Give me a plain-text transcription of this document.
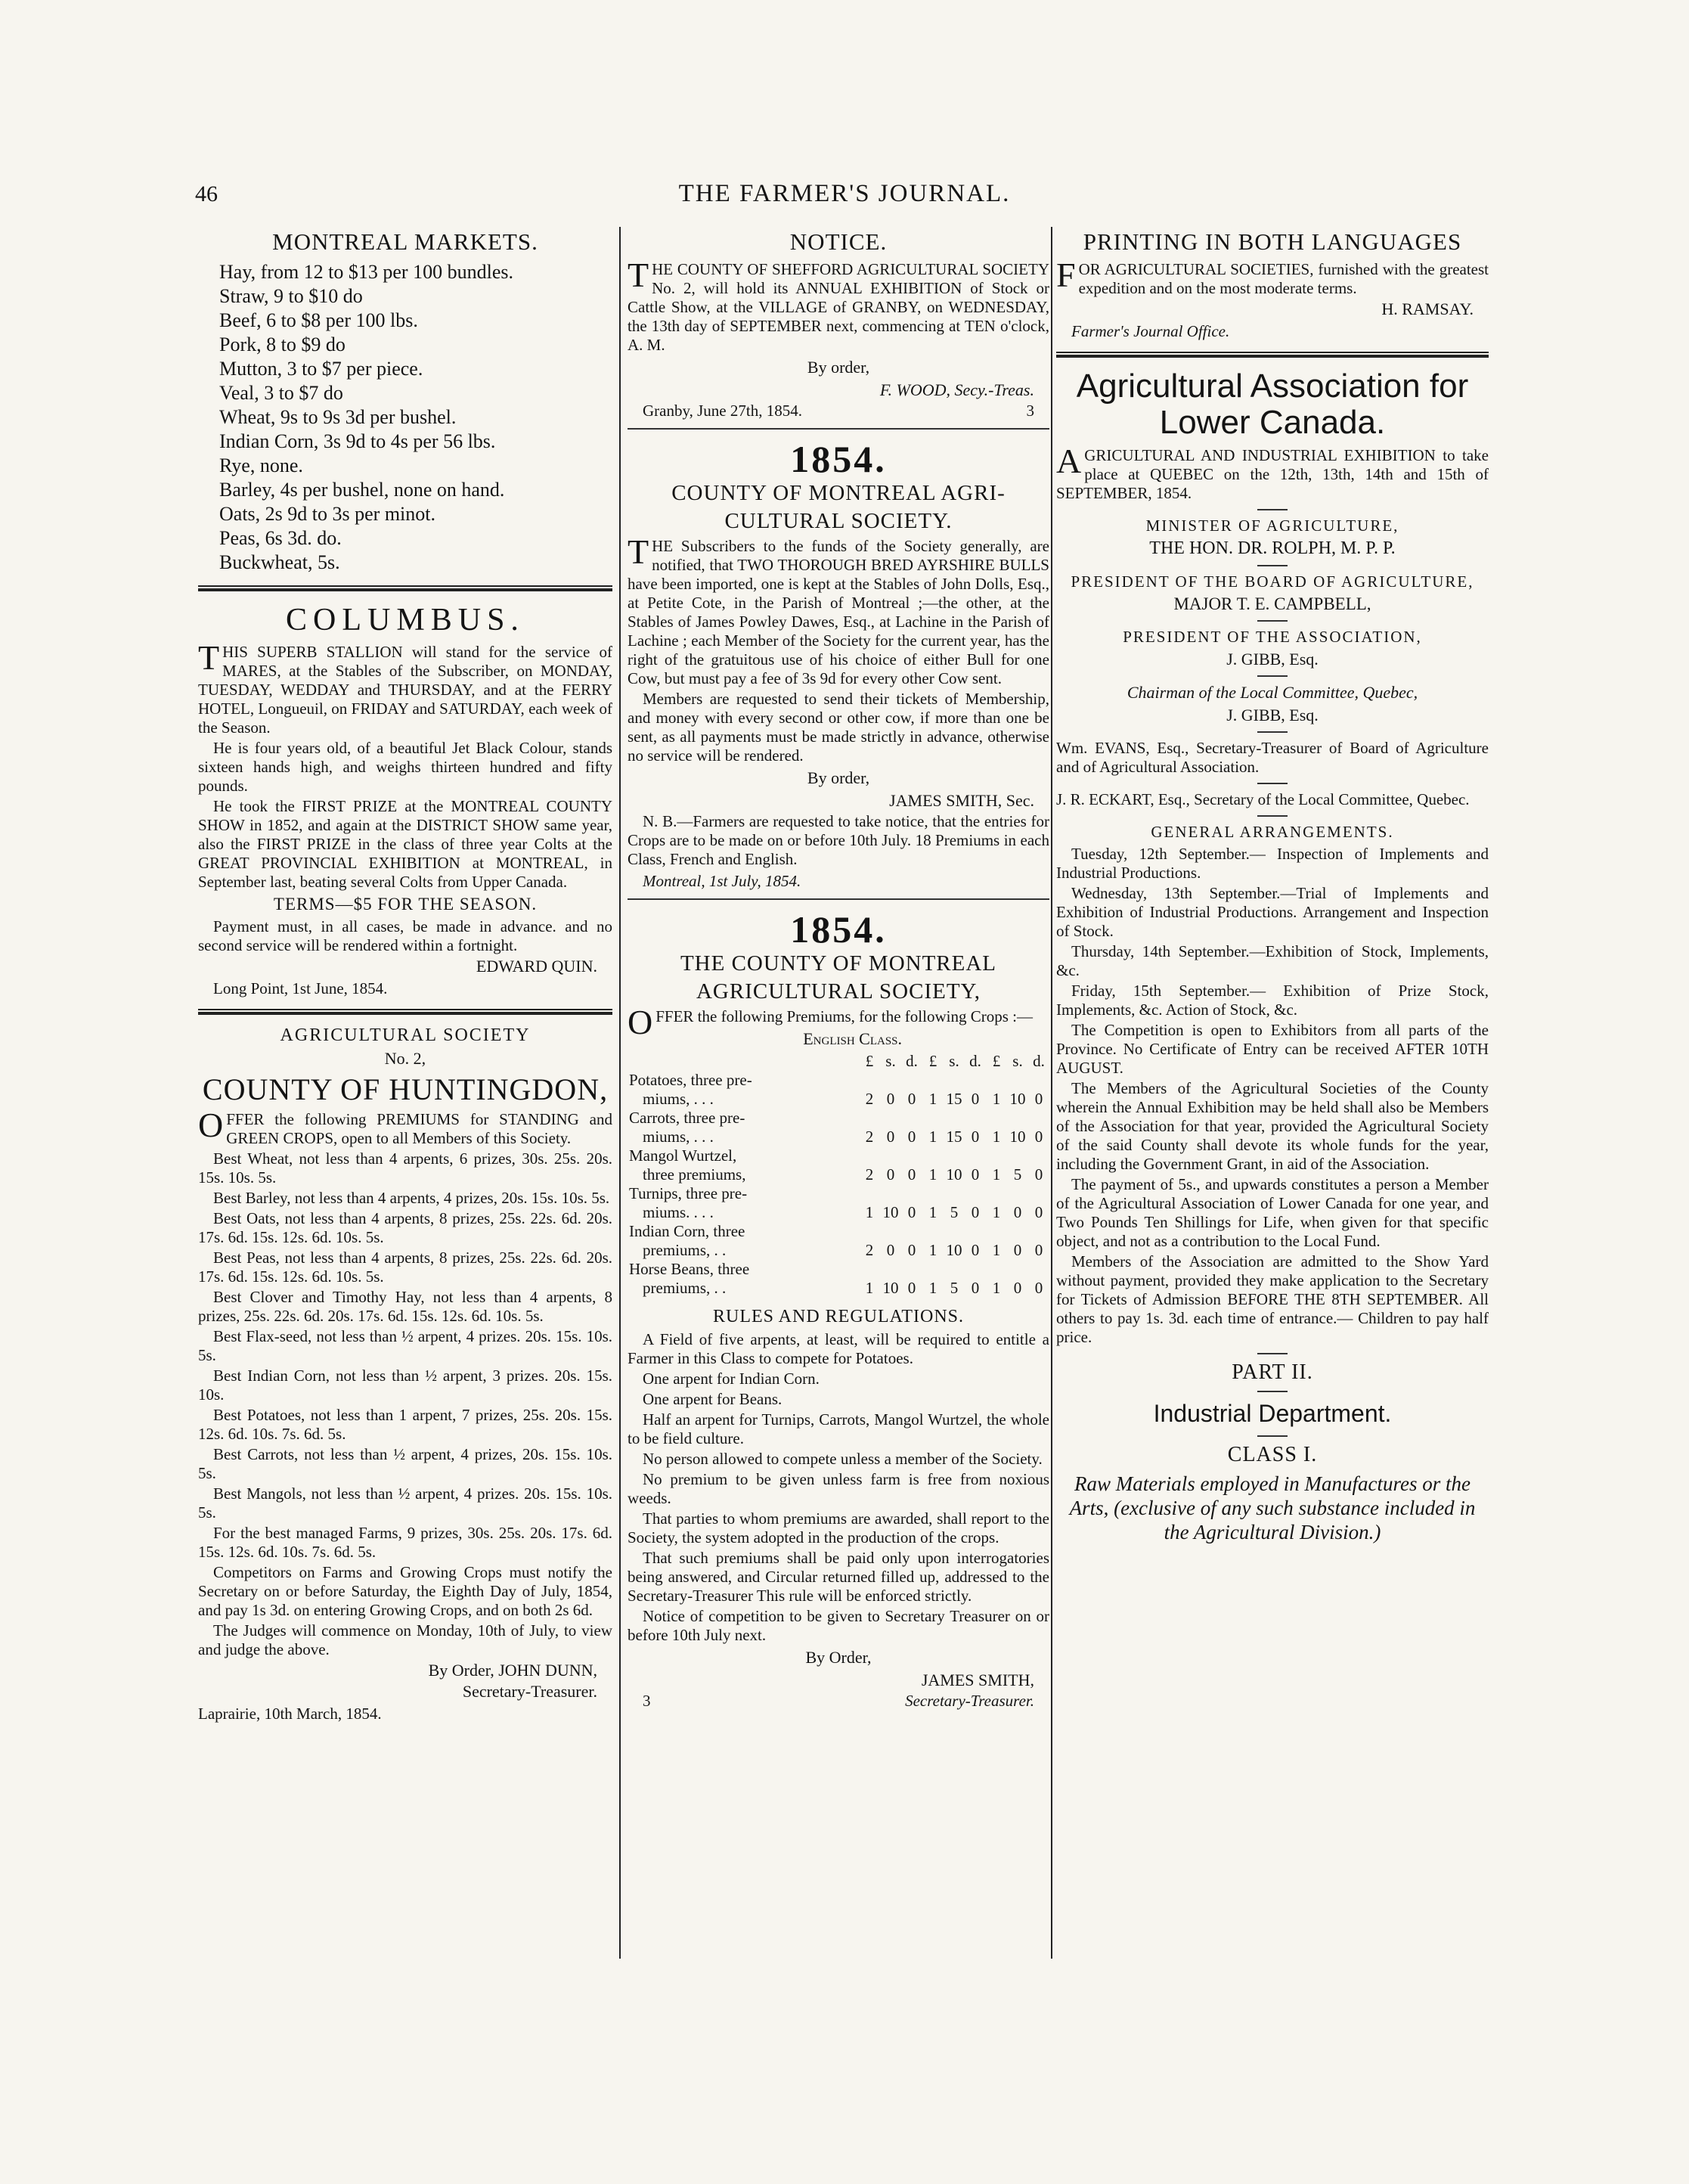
46	THE FARMER'S JOURNAL.
MONTREAL MARKETS.

Hay, from 12 to $13 per 100 bundles.

Straw, 9 to $10 do

Beef, 6 to $8 per 100 lbs.

Pork, 8 to $9 do

Mutton, 3 to $7 per piece.

Veal, 3 to $7 do

Wheat, 9s to 9s 3d per bushel.

Indian Corn, 3s 9d to 4s per 56 lbs.

Rye, none.

Barley, 4s per bushel, none on hand.

Oats, 2s 9d to 3s per minot.

Peas, 6s 3d. do.

Buckwheat, 5s.

COLUMBUS.

THIS SUPERB STALLION will stand for the service of MARES, at the Stables of the Subscriber, on MONDAY, TUESDAY, WEDDAY and THURSDAY, and at the FERRY HOTEL, Longueuil, on FRIDAY and SATURDAY, each week of the Season.

He is four years old, of a beautiful Jet Black Colour, stands sixteen hands high, and weighs thirteen hundred and fifty pounds.

He took the FIRST PRIZE at the MONTREAL COUNTY SHOW in 1852, and again at the DISTRICT SHOW same year, also the FIRST PRIZE in the class of three year Colts at the GREAT PROVINCIAL EXHIBITION at MONTREAL, in September last, beating several Colts from Upper Canada.

TERMS—$5 FOR THE SEASON.

Payment must, in all cases, be made in advance. and no second service will be rendered within a fortnight.

EDWARD QUIN.
Long Point, 1st June, 1854.
AGRICULTURAL SOCIETY
No. 2,
COUNTY OF HUNTINGDON,

OFFER the following PREMIUMS for STANDING and GREEN CROPS, open to all Members of this Society.

Best Wheat, not less than 4 arpents, 6 prizes, 30s. 25s. 20s. 15s. 10s. 5s.

Best Barley, not less than 4 arpents, 4 prizes, 20s. 15s. 10s. 5s.

Best Oats, not less than 4 arpents, 8 prizes, 25s. 22s. 6d. 20s. 17s. 6d. 15s. 12s. 6d. 10s. 5s.

Best Peas, not less than 4 arpents, 8 prizes, 25s. 22s. 6d. 20s. 17s. 6d. 15s. 12s. 6d. 10s. 5s.

Best Clover and Timothy Hay, not less than 4 arpents, 8 prizes, 25s. 22s. 6d. 20s. 17s. 6d. 15s. 12s. 6d. 10s. 5s.

Best Flax-seed, not less than ½ arpent, 4 prizes. 20s. 15s. 10s. 5s.

Best Indian Corn, not less than ½ arpent, 3 prizes. 20s. 15s. 10s.

Best Potatoes, not less than 1 arpent, 7 prizes, 25s. 20s. 15s. 12s. 6d. 10s. 7s. 6d. 5s.

Best Carrots, not less than ½ arpent, 4 prizes, 20s. 15s. 10s. 5s.

Best Mangols, not less than ½ arpent, 4 prizes. 20s. 15s. 10s. 5s.

For the best managed Farms, 9 prizes, 30s. 25s. 20s. 17s. 6d. 15s. 12s. 6d. 10s. 7s. 6d. 5s.

Competitors on Farms and Growing Crops must notify the Secretary on or before Saturday, the Eighth Day of July, 1854, and pay 1s 3d. on entering Growing Crops, and on both 2s 6d.

The Judges will commence on Monday, 10th of July, to view and judge the above.

By Order, JOHN DUNN,
Secretary-Treasurer.
Laprairie, 10th March, 1854.
NOTICE.

THE COUNTY OF SHEFFORD AGRICULTURAL SOCIETY No. 2, will hold its ANNUAL EXHIBITION of Stock or Cattle Show, at the VILLAGE of GRANBY, on WEDNESDAY, the 13th day of SEPTEMBER next, commencing at TEN o'clock, A. M.

By order,
F. WOOD, Secy.-Treas.
Granby, June 27th, 1854.	3
1854.
COUNTY OF MONTREAL AGRI-
CULTURAL SOCIETY.

THE Subscribers to the funds of the Society generally, are notified, that TWO THOROUGH BRED AYRSHIRE BULLS have been imported, one is kept at the Stables of John Dolls, Esq., at Petite Cote, in the Parish of Montreal ;—the other, at the Stables of James Powley Dawes, Esq., at Lachine in the Parish of Lachine ; each Member of the Society for the current year, has the right of the gratuitous use of his choice of either Bull for one Cow, but must pay a fee of 3s 9d for every other Cow sent.

Members are requested to send their tickets of Membership, and money with every second or other cow, if more than one be sent, as all payments must be made strictly in advance, otherwise no service will be rendered.

By order,
JAMES SMITH, Sec.

N. B.—Farmers are requested to take notice, that the entries for Crops are to be made on or before 10th July. 18 Premiums in each Class, French and English.

Montreal, 1st July, 1854.
1854.
THE COUNTY OF MONTREAL
AGRICULTURAL SOCIETY,

OFFER the following Premiums, for the following Crops :—

English Class.
	£	s.	d.	£	s.	d.	£	s.	d.
Potatoes, three pre-									
miums, . . .	2	0	0	1	15	0	1	10	0
Carrots, three pre-									
miums, . . .	2	0	0	1	15	0	1	10	0
Mangol Wurtzel,									
three premiums,	2	0	0	1	10	0	1	5	0
Turnips, three pre-									
miums. . . .	1	10	0	1	5	0	1	0	0
Indian Corn, three									
premiums, . .	2	0	0	1	10	0	1	0	0
Horse Beans, three									
premiums, . .	1	10	0	1	5	0	1	0	0
RULES AND REGULATIONS.

A Field of five arpents, at least, will be required to entitle a Farmer in this Class to compete for Potatoes.

One arpent for Indian Corn.

One arpent for Beans.

Half an arpent for Turnips, Carrots, Mangol Wurtzel, the whole to be field culture.

No person allowed to compete unless a member of the Society.

No premium to be given unless farm is free from noxious weeds.

That parties to whom premiums are awarded, shall report to the Society, the system adopted in the production of the crops.

That such premiums shall be paid only upon interrogatories being answered, and Circular returned filled up, addressed to the Secretary-Treasurer This rule will be enforced strictly.

Notice of competition to be given to Secretary Treasurer on or before 10th July next.

By Order,
JAMES SMITH,
3	Secretary-Treasurer.
PRINTING IN BOTH LANGUAGES

FOR AGRICULTURAL SOCIETIES, furnished with the greatest expedition and on the most moderate terms.

H. RAMSAY.
Farmer's Journal Office.
Agricultural Association for Lower Canada.

AGRICULTURAL AND INDUSTRIAL EXHIBITION to take place at QUEBEC on the 12th, 13th, 14th and 15th of SEPTEMBER, 1854.

MINISTER OF AGRICULTURE,
THE HON. DR. ROLPH, M. P. P.
PRESIDENT OF THE BOARD OF AGRICULTURE,
MAJOR T. E. CAMPBELL,
PRESIDENT OF THE ASSOCIATION,
J. GIBB, Esq.
Chairman of the Local Committee, Quebec,
J. GIBB, Esq.

Wm. EVANS, Esq., Secretary-Treasurer of Board of Agriculture and of Agricultural Association.

J. R. ECKART, Esq., Secretary of the Local Committee, Quebec.

GENERAL ARRANGEMENTS.

Tuesday, 12th September.— Inspection of Implements and Industrial Productions.

Wednesday, 13th September.—Trial of Implements and Exhibition of Industrial Productions. Arrangement and Inspection of Stock.

Thursday, 14th September.—Exhibition of Stock, Implements, &c.

Friday, 15th September.— Exhibition of Prize Stock, Implements, &c. Action of Stock, &c.

The Competition is open to Exhibitors from all parts of the Province. No Certificate of Entry can be received AFTER 10TH AUGUST.

The Members of the Agricultural Societies of the County wherein the Annual Exhibition may be held shall also be Members of the Association for that year, provided the Agricultural Society of the said County shall devote its whole funds for the year, including the Government Grant, in aid of the Association.

The payment of 5s., and upwards constitutes a person a Member of the Agricultural Association of Lower Canada for one year, and Two Pounds Ten Shillings for Life, when given for that specific object, and not as a contribution to the Local Fund.

Members of the Association are admitted to the Show Yard without payment, provided they make application to the Secretary for Tickets of Admission BEFORE THE 8TH SEPTEMBER. All others to pay 1s. 3d. each time of entrance.— Children to pay half price.

PART II.
Industrial Department.
CLASS I.
Raw Materials employed in Manufactures or the Arts, (exclusive of any such substance included in the Agricultural Division.)
